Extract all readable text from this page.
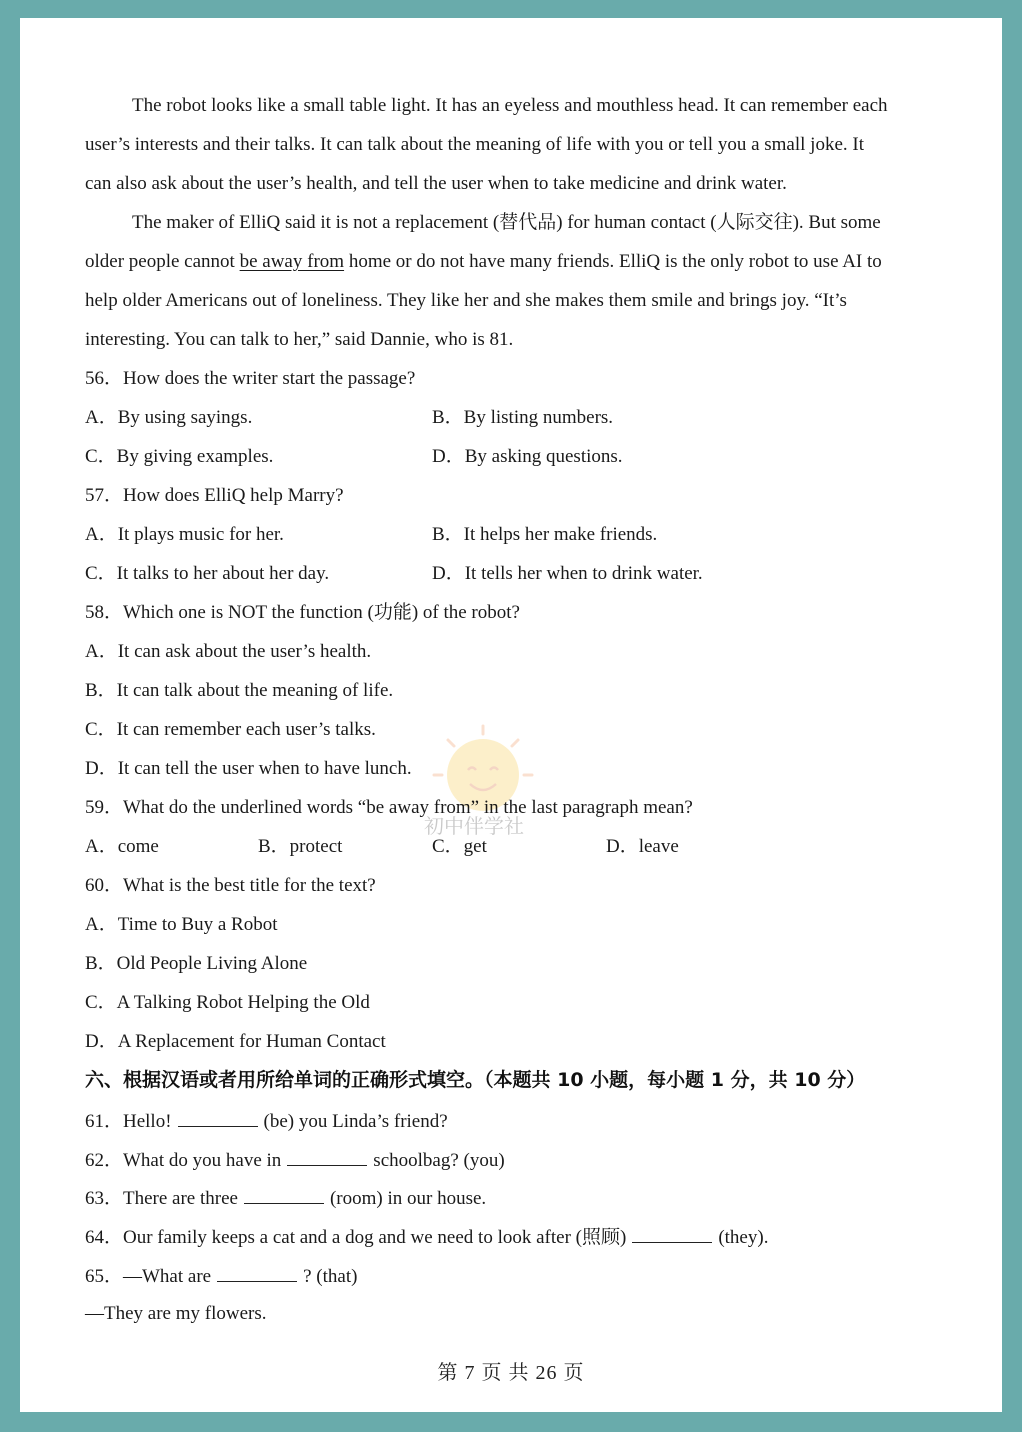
The robot looks like a small table light. It has an eyeless and mouthless head. It can remember each
user’s interests and their talks. It can talk about the meaning of life with you or tell you a small joke. It
can also ask about the user’s health, and tell the user when to take medicine and drink water.
The maker of ElliQ said it is not a replacement (替代品) for human contact (人际交往). But some
older people cannot be away from home or do not have many friends. ElliQ is the only robot to use AI to
help older Americans out of loneliness. They like her and she makes them smile and brings joy. “It’s
interesting. You can talk to her,” said Dannie, who is 81.
56．How does the writer start the passage?
A．By using sayings.	B．By listing numbers.
C．By giving examples.	D．By asking questions.
57．How does ElliQ help Marry?
A．It plays music for her.	B．It helps her make friends.
C．It talks to her about her day.	D．It tells her when to drink water.
58．Which one is NOT the function (功能) of the robot?
A．It can ask about the user’s health.
B．It can talk about the meaning of life.
C．It can remember each user’s talks.
D．It can tell the user when to have lunch.
初中伴学社
59．What do the underlined words “be away from” in the last paragraph mean?
A．come	B．protect	C．get	D．leave
60．What is the best title for the text?
A．Time to Buy a Robot
B．Old People Living Alone
C．A Talking Robot Helping the Old
D．A Replacement for Human Contact
六、根据汉语或者用所给单词的正确形式填空。（本题共 10 小题，每小题 1 分，共 10 分）
61．Hello!	(be) you Linda’s friend?
62．What do you have in	schoolbag? (you)
63．There are three	(room) in our house.
64．Our family keeps a cat and a dog and we need to look after (照顾)	(they).
65．—What are	? (that)
—They are my flowers.
第 7 页 共 26 页
